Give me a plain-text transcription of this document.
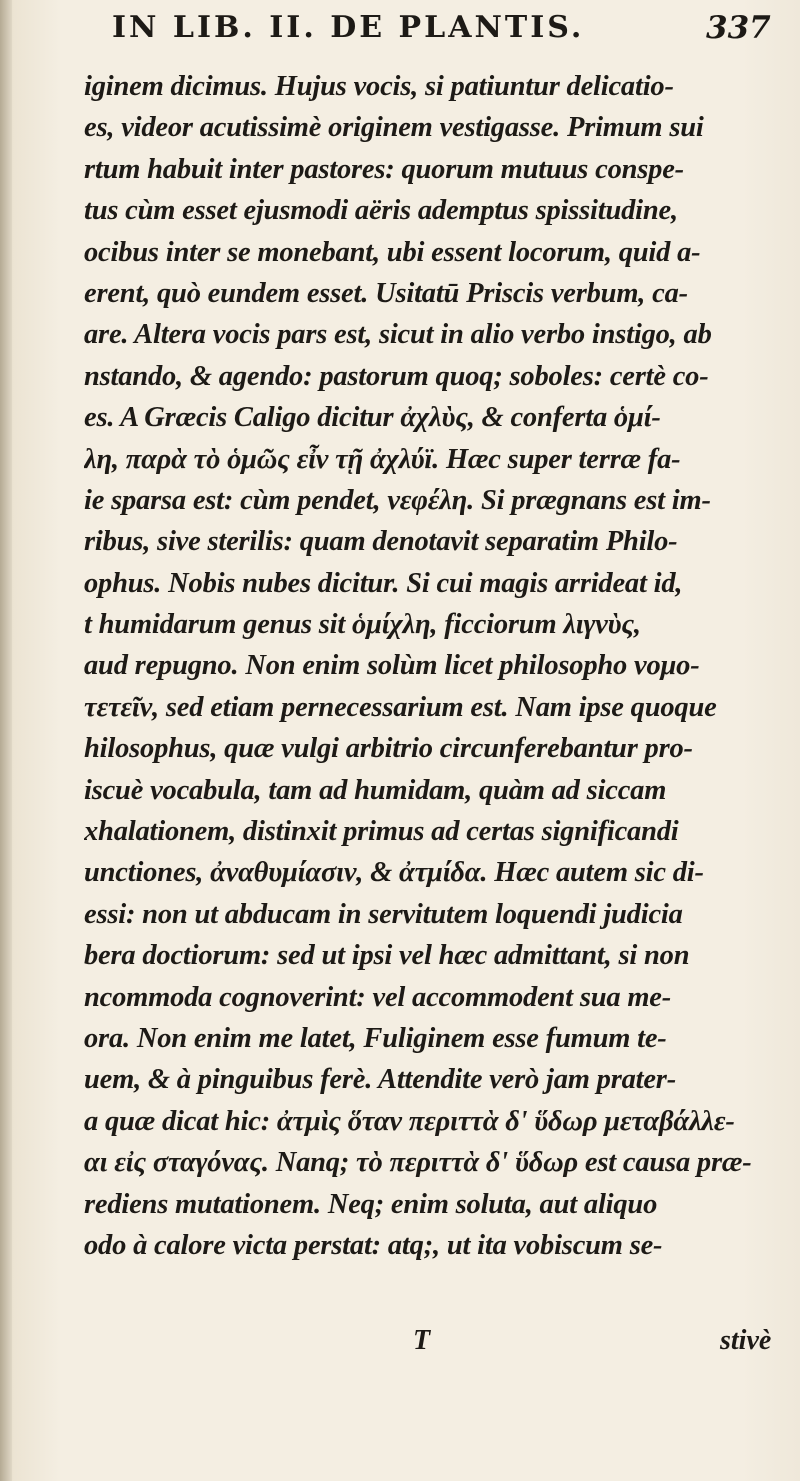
IN LIB. II. DE PLANTIS.	337
iginem dicimus. Hujus vocis, si patiuntur delicatio-
es, videor acutissimè originem vestigasse. Primum sui
rtum habuit inter pastores: quorum mutuus conspe-
tus cùm esset ejusmodi aëris ademptus spissitudine,
ocibus inter se monebant, ubi essent locorum, quid a-
erent, quò eundem esset. Usitatū Priscis verbum, ca-
are. Altera vocis pars est, sicut in alio verbo instigo, ab
nstando, & agendo: pastorum quoq; soboles: certè co-
es. A Græcis Caligo dicitur ἀχλὺς, & conferta ὁμί-
λη, παρὰ τὸ ὁμῶς εἶν τῇ ἀχλύϊ. Hæc super terræ fa-
ie sparsa est: cùm pendet, νεφέλη. Si prægnans est im-
ribus, sive sterilis: quam denotavit separatim Philo-
ophus. Nobis nubes dicitur. Si cui magis arrideat id,
t humidarum genus sit ὁμίχλη, ficciorum λιγνὺς,
aud repugno. Non enim solùm licet philosopho νομο-
τετεῖν, sed etiam pernecessarium est. Nam ipse quoque
hilosophus, quæ vulgi arbitrio circunferebantur pro-
iscuè vocabula, tam ad humidam, quàm ad siccam
xhalationem, distinxit primus ad certas significandi
unctiones, ἀναθυμίασιν, & ἀτμίδα. Hæc autem sic di-
essi: non ut abducam in servitutem loquendi judicia
bera doctiorum: sed ut ipsi vel hæc admittant, si non
ncommoda cognoverint: vel accommodent sua me-
ora. Non enim me latet, Fuliginem esse fumum te-
uem, & à pinguibus ferè. Attendite verò jam prater-
a quæ dicat hic: ἀτμὶς ὅταν περιττὰ δ' ὕδωρ μεταβάλλε-
αι εἰς σταγόνας. Nanq; τὸ περιττὰ δ' ὕδωρ est causa præ-
rediens mutationem. Neq; enim soluta, aut aliquo
odo à calore victa perstat: atq;, ut ita vobiscum se-
T	stivè
